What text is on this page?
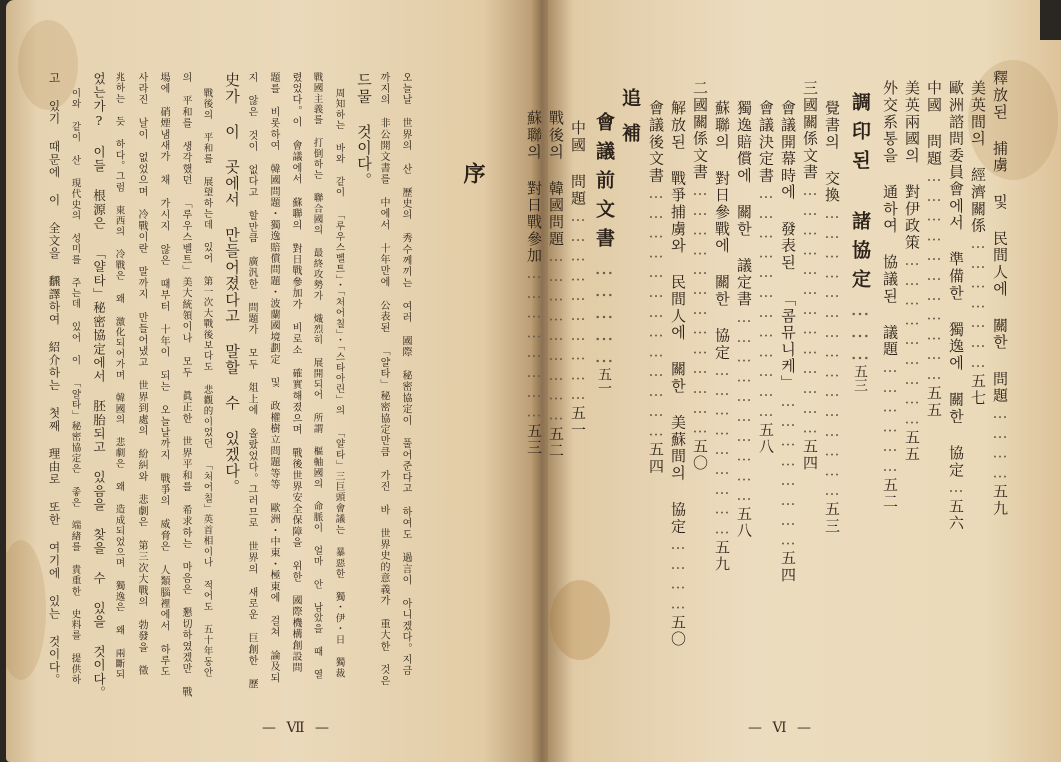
序
오늘날 世界의 산 歷史의 秀수께끼는 여러 國際 秘密協定이 풀어준다고 하여도 過言이 아니겠다。지금
까지의 非公開文書를 中에서 十年만에 公表된 「얄타」秘密協定만큼 가진 바 世界史的意義가 重大한 것은
드물 것이다。
周知하는 바와 같이 「루우스벨트」・「처어칠」・「스타아린」의 「얄타」三巨頭會議는 暴惡한 獨・伊・日 獨裁
戰國主義를 打倒하는 聯合國의 最終攻勢가 熾烈히 展開되어 所謂 樞軸國의 命脈이 얼마 안 남았을 때 열
렸었다。이 會議에서 蘇聯의 對日戰參加가 비로소 確實해졌으며 戰後世界安全保障을 위한 國際機構創設問
題를 비롯하여 韓國問題・獨逸賠償問題・波蘭國境劃定 및 政權樹立問題等等 歐洲・中東・極東에 걸쳐 論及되
지 않은 것이 없다고 할만큼 廣汎한 問題가 모두 俎上에 올랐었다。그러므로 世界의 새로운 巨創한 歷
史가 이 곳에서 만들어졌다고 말할 수 있겠다。
戰後의 平和를 展望하는데 있어 第一次大戰後보다도 悲觀的이었던 「처어칠」英首相이나 적어도 五十年동안
의 平和를 생각했던 「루우스벨트」美大統領이나 모두 眞正한 世界平和를 希求하는 마음은 懇切하였겠만 戰
場에 硝煙냄새가 채 가시지 않은 때부터 十年이 되는 오늘날까지 戰爭의 威脅은 人類腦裡에서 하루도
사라진 날이 없었으며 冷戰이란 말까지 만들어냈고 世界到處의 紛糾와 悲劇은 第三次大戰의 勃發을 徵
兆하는 듯 하다。그럼 東西의 冷戰은 왜 激化되어가며 韓國의 悲劇은 왜 造成되었으며 獨逸은 왜 兩斷되
었는가? 이들 根源은 「얄타」秘密協定에서 胚胎되고 있음을 찾을 수 있을 것이다。
이와 같이 산 現代史의 성미를 주는데 있어 이 「얄타」秘密協定은 좋은 端緖를 貴重한 史料를 提供하
고 있기 때문에 이 全文을 飜譯하여 紹介하는 첫째 理由로 또한 여기에 있는 것이다。
— Ⅶ —
釋放된 捕虜 및 民間人에 關한 問題…………五九
美英間의 經濟關係…………………五七
歐洲諮問委員會에서 準備한 獨逸에 關한 協定…五六
中國 問題……………………………五五
美英兩國의 對伊政策………………………五五
外交系통을 通하여 協議된 議題………………五二
調印된 諸協定………五三
覺書의 交換………………………………………五三
三國關係文書…………………………………五四
會議開幕時에 發表된 「콤뮤니케」……………………五四
會議決定書………………………………五八
獨逸賠償에 關한 議定書…………………………五八
蘇聯의 對日參戰에 關한 協定………………………五九
二國關係文書…………………………………五〇
解放된 戰爭捕虜와 民間人에 關한 美蘇間의 協定…………五〇
會議後文書…………………………………五四
追補
會議前文書……………五一
中國 問題…………………………五一
戰後의 韓國問題………………………五二
蘇聯의 對日戰參加……………………五三
— Ⅵ —
